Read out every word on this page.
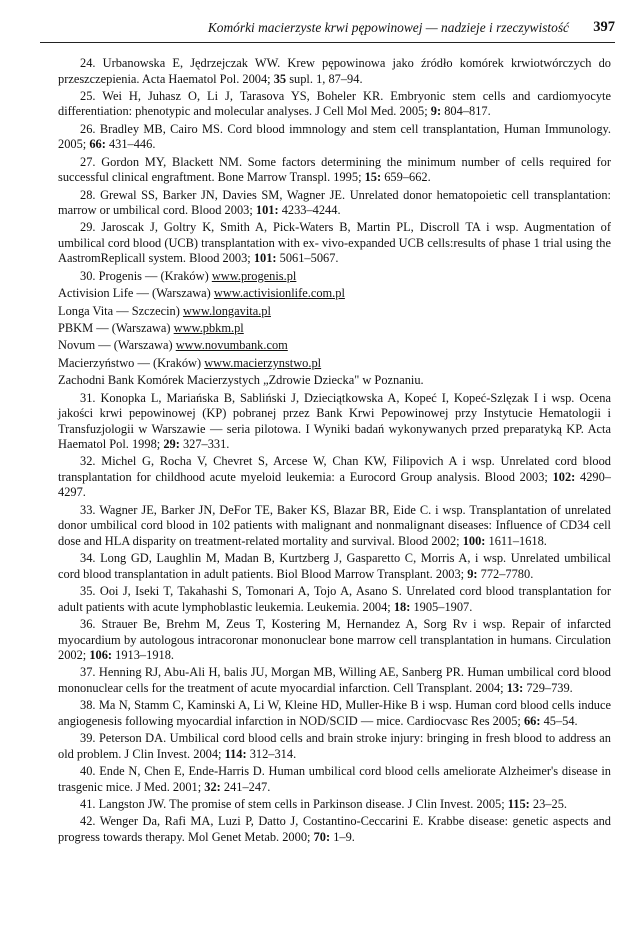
Komórki macierzyste krwi pępowinowej — nadzieje i rzeczywistość 397
24. Urbanowska E, Jędrzejczak WW. Krew pępowinowa jako źródło komórek krwiotwórczych do przeszczepienia. Acta Haematol Pol. 2004; 35 supl. 1, 87–94.
25. Wei H, Juhasz O, Li J, Tarasova YS, Boheler KR. Embryonic stem cells and cardiomyocyte differentiation: phenotypic and molecular analyses. J Cell Mol Med. 2005; 9: 804–817.
26. Bradley MB, Cairo MS. Cord blood immnology and stem cell transplantation, Human Immunology. 2005; 66: 431–446.
27. Gordon MY, Blackett NM. Some factors determining the minimum number of cells required for successful clinical engraftment. Bone Marrow Transpl. 1995; 15: 659–662.
28. Grewal SS, Barker JN, Davies SM, Wagner JE. Unrelated donor hematopoietic cell transplantation: marrow or umbilical cord. Blood 2003; 101: 4233–4244.
29. Jaroscak J, Goltry K, Smith A, Pick-Waters B, Martin PL, Discroll TA i wsp. Augmentation of umbilical cord blood (UCB) transplantation with ex- vivo-expanded UCB cells:results of phase 1 trial using the AastromReplicall system. Blood 2003; 101: 5061–5067.
30. Progenis — (Kraków) www.progenis.pl
Activision Life — (Warszawa) www.activisionlife.com.pl
Longa Vita — Szczecin) www.longavita.pl
PBKM — (Warszawa) www.pbkm.pl
Novum — (Warszawa) www.novumbank.com
Macierzyństwo — (Kraków) www.macierzynstwo.pl
Zachodni Bank Komórek Macierzystych „Zdrowie Dziecka" w Poznaniu.
31. Konopka L, Mariańska B, Sabliński J, Dzieciątkowska A, Kopeć I, Kopeć-Szlęzak I i wsp. Ocena jakości krwi pepowinowej (KP) pobranej przez Bank Krwi Pepowinowej przy Instytucie Hematologii i Transfuzjologii w Warszawie — seria pilotowa. I Wyniki badań wykonywanych przed preparatyką KP. Acta Haematol Pol. 1998; 29: 327–331.
32. Michel G, Rocha V, Chevret S, Arcese W, Chan KW, Filipovich A i wsp. Unrelated cord blood transplantation for childhood acute myeloid leukemia: a Eurocord Group analysis. Blood 2003; 102: 4290–4297.
33. Wagner JE, Barker JN, DeFor TE, Baker KS, Blazar BR, Eide C. i wsp. Transplantation of unrelated donor umbilical cord blood in 102 patients with malignant and nonmalignant diseases: Influence of CD34 cell dose and HLA disparity on treatment-related mortality and survival. Blood 2002; 100: 1611–1618.
34. Long GD, Laughlin M, Madan B, Kurtzberg J, Gasparetto C, Morris A, i wsp. Unrelated umbilical cord blood transplantation in adult patients. Biol Blood Marrow Transplant. 2003; 9: 772–7780.
35. Ooi J, Iseki T, Takahashi S, Tomonari A, Tojo A, Asano S. Unrelated cord blood transplantation for adult patients with acute lymphoblastic leukemia. Leukemia. 2004; 18: 1905–1907.
36. Strauer Be, Brehm M, Zeus T, Kostering M, Hernandez A, Sorg Rv i wsp. Repair of infarcted myocardium by autologous intracoronar mononuclear bone marrow cell transplantation in humans. Circulation 2002; 106: 1913–1918.
37. Henning RJ, Abu-Ali H, balis JU, Morgan MB, Willing AE, Sanberg PR. Human umbilical cord blood mononuclear cells for the treatment of acute myocardial infarction. Cell Transplant. 2004; 13: 729–739.
38. Ma N, Stamm C, Kaminski A, Li W, Kleine HD, Muller-Hike B i wsp. Human cord blood cells induce angiogenesis following myocardial infarction in NOD/SCID — mice. Cardiocvasc Res 2005; 66: 45–54.
39. Peterson DA. Umbilical cord blood cells and brain stroke injury: bringing in fresh blood to address an old problem. J Clin Invest. 2004; 114: 312–314.
40. Ende N, Chen E, Ende-Harris D. Human umbilical cord blood cells ameliorate Alzheimer's disease in trasgenic mice. J Med. 2001; 32: 241–247.
41. Langston JW. The promise of stem cells in Parkinson disease. J Clin Invest. 2005; 115: 23–25.
42. Wenger Da, Rafi MA, Luzi P, Datto J, Costantino-Ceccarini E. Krabbe disease: genetic aspects and progress towards therapy. Mol Genet Metab. 2000; 70: 1–9.
